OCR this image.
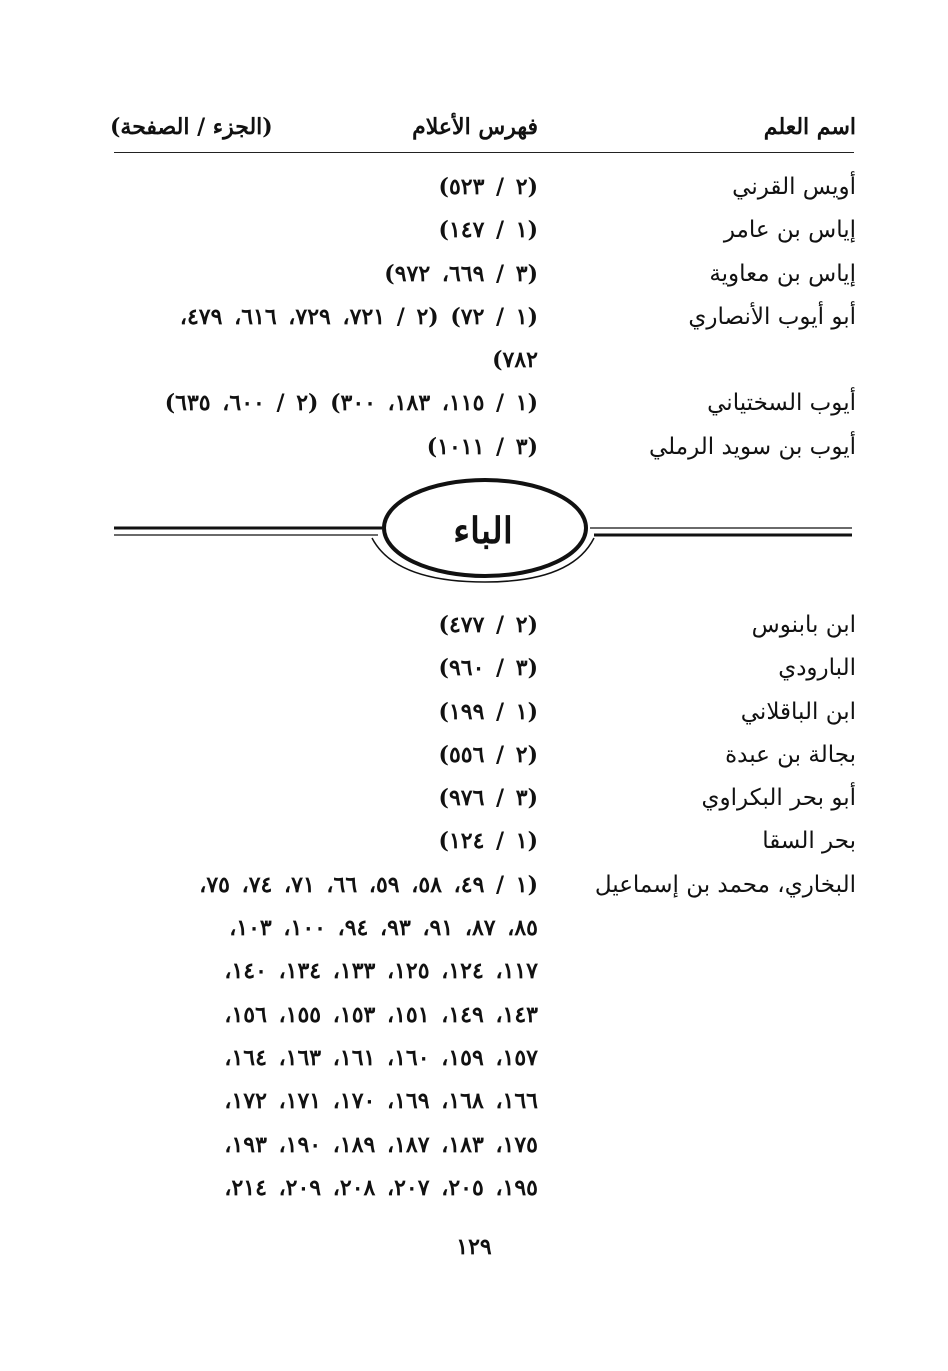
اسم العلم
فهرس الأعلام
(الجزء / الصفحة)
أويس القرني
(٢ / ٥٢٣)
إياس بن عامر
(١ / ١٤٧)
إياس بن معاوية
(٣ / ٦٦٩، ٩٧٢)
أبو أيوب الأنصاري
(١ / ٧٢) (٢ / ٧٢١، ٧٢٩، ٦١٦، ٤٧٩،
٧٨٢)
أيوب السختياني
(١ / ١١٥، ١٨٣، ٣٠٠) (٢ / ٦٠٠، ٦٣٥)
أيوب بن سويد الرملي
(٣ / ١٠١١)
الباء
ابن بابنوس
(٢ / ٤٧٧)
البارودي
(٣ / ٩٦٠)
ابن الباقلاني
(١ / ١٩٩)
بجالة بن عبدة
(٢ / ٥٥٦)
أبو بحر البكراوي
(٣ / ٩٧٦)
بحر السقا
(١ / ١٢٤)
البخاري، محمد بن إسماعيل
(١ / ٤٩، ٥٨، ٥٩، ٦٦، ٧١، ٧٤، ٧٥،
٨٥، ٨٧، ٩١، ٩٣، ٩٤، ١٠٠، ١٠٣،
١١٧، ١٢٤، ١٢٥، ١٣٣، ١٣٤، ١٤٠،
١٤٣، ١٤٩، ١٥١، ١٥٣، ١٥٥، ١٥٦،
١٥٧، ١٥٩، ١٦٠، ١٦١، ١٦٣، ١٦٤،
١٦٦، ١٦٨، ١٦٩، ١٧٠، ١٧١، ١٧٢،
١٧٥، ١٨٣، ١٨٧، ١٨٩، ١٩٠، ١٩٣،
١٩٥، ٢٠٥، ٢٠٧، ٢٠٨، ٢٠٩، ٢١٤،
١٢٩
